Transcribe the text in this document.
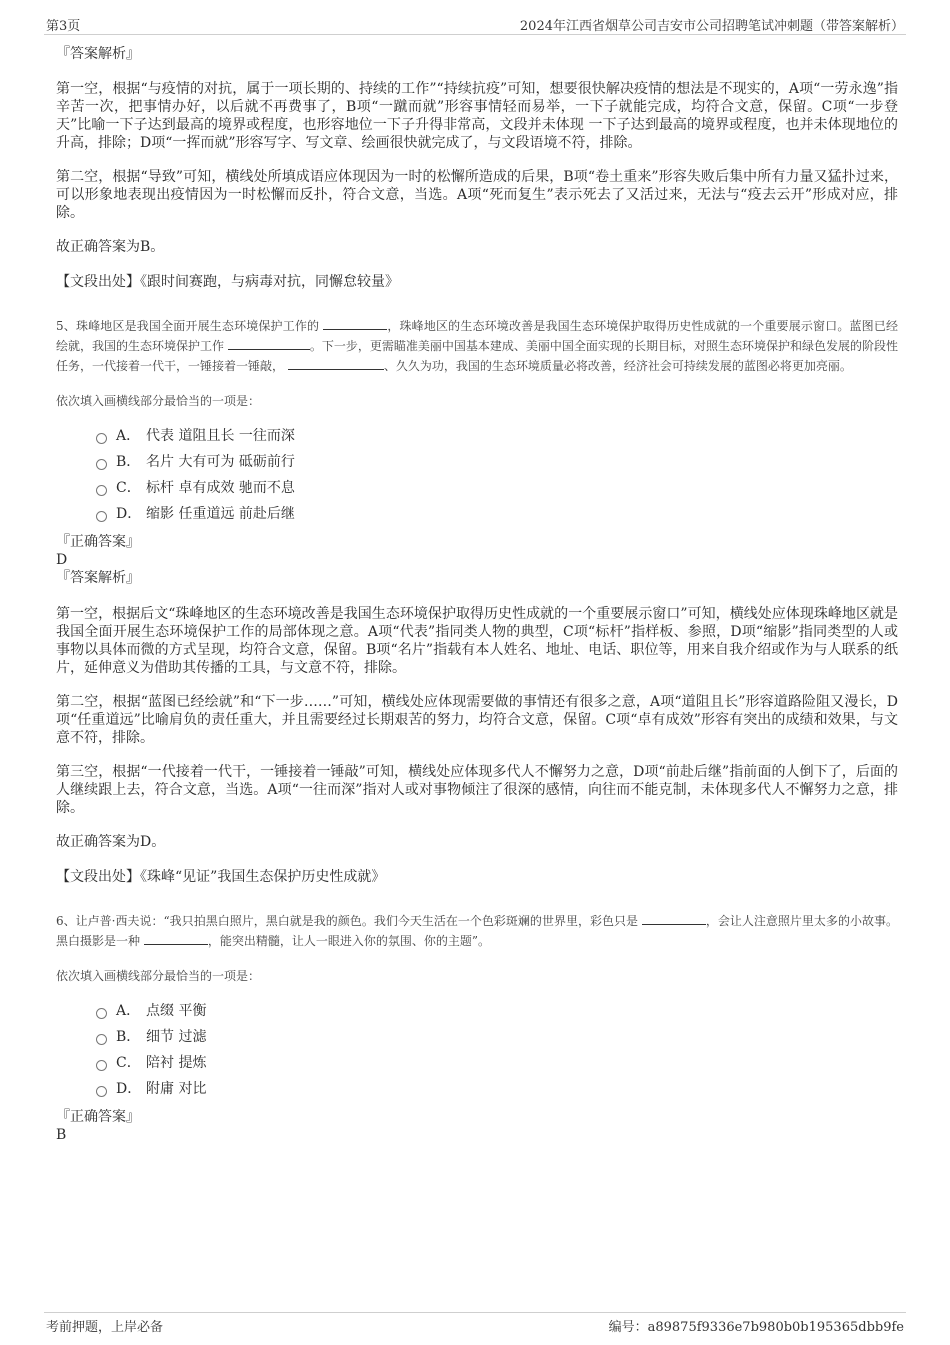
第3页	2024年江西省烟草公司吉安市公司招聘笔试冲刺题（带答案解析）

『答案解析』

第一空，根据“与疫情的对抗，属于一项长期的、持续的工作”“持续抗疫”可知，想要很快解决疫情的想法是不现实的，A项“一劳永逸”指辛苦一次，把事情办好，以后就不再费事了，B项“一蹴而就”形容事情轻而易举，一下子就能完成，均符合文意，保留。C项“一步登天”比喻一下子达到最高的境界或程度，也形容地位一下子升得非常高，文段并未体现 一下子达到最高的境界或程度，也并未体现地位的升高，排除；D项“一挥而就”形容写字、写文章、绘画很快就完成了，与文段语境不符，排除。

第二空，根据“导致”可知，横线处所填成语应体现因为一时的松懈所造成的后果，B项“卷土重来”形容失败后集中所有力量又猛扑过来，可以形象地表现出疫情因为一时松懈而反扑，符合文意，当选。A项“死而复生”表示死去了又活过来，无法与“疫去云开”形成对应，排除。

故正确答案为B。

【文段出处】《跟时间赛跑，与病毒对抗，同懈怠较量》

5、珠峰地区是我国全面开展生态环境保护工作的	，珠峰地区的生态环境改善是我国生态环境保护取得历史性成就的一个重要展示窗口。蓝图已经绘就，我国的生态环境保护工作	。下一步，更需瞄准美丽中国基本建成、美丽中国全面实现的长期目标，对照生态环境保护和绿色发展的阶段性任务，一代接着一代干，一锤接着一锤敲，	、久久为功，我国的生态环境质量必将改善，经济社会可持续发展的蓝图必将更加亮丽。

依次填入画横线部分最恰当的一项是：

A． 代表 道阻且长 一往而深
B． 名片 大有可为 砥砺前行
C． 标杆 卓有成效 驰而不息
D． 缩影 任重道远 前赴后继

『正确答案』

D

『答案解析』

第一空，根据后文“珠峰地区的生态环境改善是我国生态环境保护取得历史性成就的一个重要展示窗口”可知，横线处应体现珠峰地区就是我国全面开展生态环境保护工作的局部体现之意。A项“代表”指同类人物的典型，C项“标杆”指样板、参照，D项“缩影”指同类型的人或事物以具体而微的方式呈现，均符合文意，保留。B项“名片”指载有本人姓名、地址、电话、职位等，用来自我介绍或作为与人联系的纸片，延伸意义为借助其传播的工具，与文意不符，排除。

第二空，根据“蓝图已经绘就”和“下一步……”可知，横线处应体现需要做的事情还有很多之意，A项“道阻且长”形容道路险阻又漫长，D项“任重道远”比喻肩负的责任重大，并且需要经过长期艰苦的努力，均符合文意，保留。C项“卓有成效”形容有突出的成绩和效果，与文意不符，排除。

第三空，根据“一代接着一代干，一锤接着一锤敲”可知，横线处应体现多代人不懈努力之意，D项“前赴后继”指前面的人倒下了，后面的人继续跟上去，符合文意，当选。A项“一往而深”指对人或对事物倾注了很深的感情，向往而不能克制，未体现多代人不懈努力之意，排除。

故正确答案为D。

【文段出处】《珠峰“见证”我国生态保护历史性成就》

6、让卢普·西夫说：“我只拍黑白照片，黑白就是我的颜色。我们今天生活在一个色彩斑斓的世界里，彩色只是	，会让人注意照片里太多的小故事。黑白摄影是一种	，能突出精髓，让人一眼进入你的氛围、你的主题”。

依次填入画横线部分最恰当的一项是：

A． 点缀 平衡
B． 细节 过滤
C． 陪衬 提炼
D． 附庸 对比

『正确答案』

B

考前押题，上岸必备	编号：a89875f9336e7b980b0b195365dbb9fe
